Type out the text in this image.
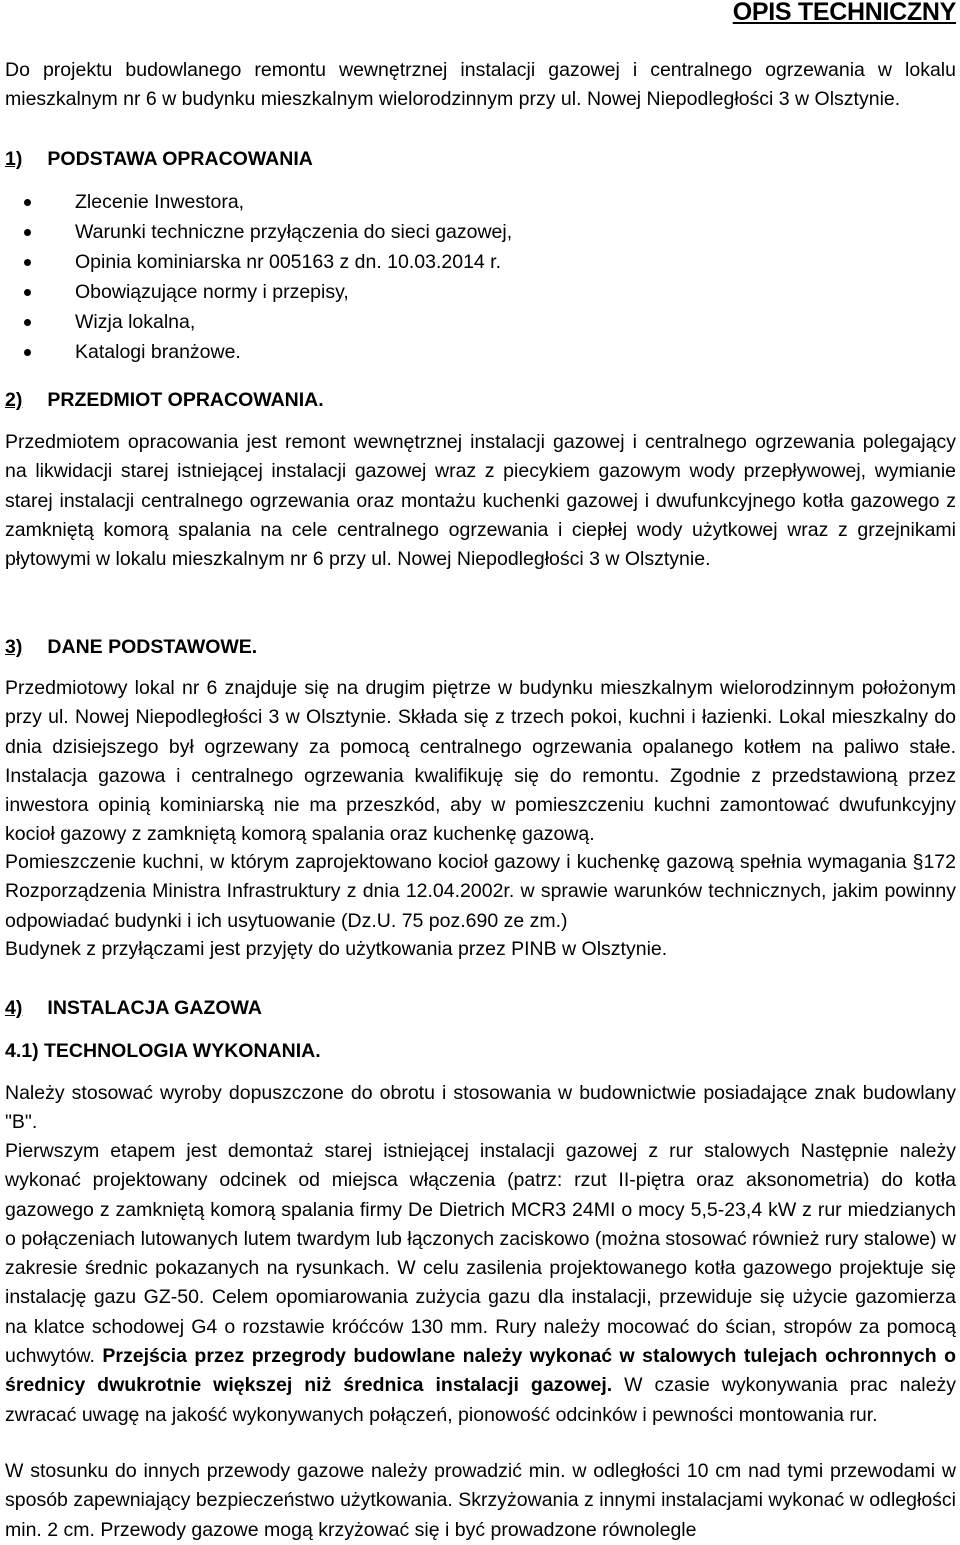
OPIS TECHNICZNY

Do projektu budowlanego remontu wewnętrznej instalacji gazowej i centralnego ogrzewania w lokalu mieszkalnym nr 6 w budynku mieszkalnym wielorodzinnym przy ul. Nowej Niepodległości 3 w Olsztynie.

1) PODSTAWA OPRACOWANIA
Zlecenie Inwestora,
Warunki techniczne przyłączenia do sieci gazowej,
Opinia kominiarska nr 005163 z dn. 10.03.2014 r.
Obowiązujące normy i przepisy,
Wizja lokalna,
Katalogi branżowe.
2) PRZEDMIOT OPRACOWANIA.

Przedmiotem opracowania jest remont wewnętrznej instalacji gazowej i centralnego ogrzewania polegający na likwidacji starej istniejącej instalacji gazowej wraz z piecykiem gazowym wody przepływowej, wymianie starej instalacji centralnego ogrzewania oraz montażu kuchenki gazowej i dwufunkcyjnego kotła gazowego z zamkniętą komorą spalania na cele centralnego ogrzewania i ciepłej wody użytkowej wraz z grzejnikami płytowymi w lokalu mieszkalnym nr 6 przy ul. Nowej Niepodległości 3 w Olsztynie.

3) DANE PODSTAWOWE.

Przedmiotowy lokal nr 6 znajduje się na drugim piętrze w budynku mieszkalnym wielorodzinnym położonym przy ul. Nowej Niepodległości 3 w Olsztynie. Składa się z trzech pokoi, kuchni i łazienki. Lokal mieszkalny do dnia dzisiejszego był ogrzewany za pomocą centralnego ogrzewania opalanego kotłem na paliwo stałe. Instalacja gazowa i centralnego ogrzewania kwalifikuję się do remontu. Zgodnie z przedstawioną przez inwestora opinią kominiarską nie ma przeszkód, aby w pomieszczeniu kuchni zamontować dwufunkcyjny kocioł gazowy z zamkniętą komorą spalania oraz kuchenkę gazową.

Pomieszczenie kuchni, w którym zaprojektowano kocioł gazowy i kuchenkę gazową spełnia wymagania §172 Rozporządzenia Ministra Infrastruktury z dnia 12.04.2002r. w sprawie warunków technicznych, jakim powinny odpowiadać budynki i ich usytuowanie (Dz.U. 75 poz.690 ze zm.)

Budynek z przyłączami jest przyjęty do użytkowania przez PINB w Olsztynie.

4) INSTALACJA GAZOWA
4.1) TECHNOLOGIA WYKONANIA.

Należy stosować wyroby dopuszczone do obrotu i stosowania w budownictwie posiadające znak budowlany "B".

Pierwszym etapem jest demontaż starej istniejącej instalacji gazowej z rur stalowych Następnie należy wykonać projektowany odcinek od miejsca włączenia (patrz: rzut II-piętra oraz aksonometria) do kotła gazowego z zamkniętą komorą spalania firmy De Dietrich MCR3 24MI o mocy 5,5-23,4 kW z rur miedzianych o połączeniach lutowanych lutem twardym lub łączonych zaciskowo (można stosować również rury stalowe) w zakresie średnic pokazanych na rysunkach. W celu zasilenia projektowanego kotła gazowego projektuje się instalację gazu GZ-50. Celem opomiarowania zużycia gazu dla instalacji, przewiduje się użycie gazomierza na klatce schodowej G4 o rozstawie króćców 130 mm. Rury należy mocować do ścian, stropów za pomocą uchwytów. Przejścia przez przegrody budowlane należy wykonać w stalowych tulejach ochronnych o średnicy dwukrotnie większej niż średnica instalacji gazowej. W czasie wykonywania prac należy zwracać uwagę na jakość wykonywanych połączeń, pionowość odcinków i pewności montowania rur.

W stosunku do innych przewody gazowe należy prowadzić min. w odległości 10 cm nad tymi przewodami w sposób zapewniający bezpieczeństwo użytkowania. Skrzyżowania z innymi instalacjami wykonać w odległości min. 2 cm. Przewody gazowe mogą krzyżować się i być prowadzone równolegle
